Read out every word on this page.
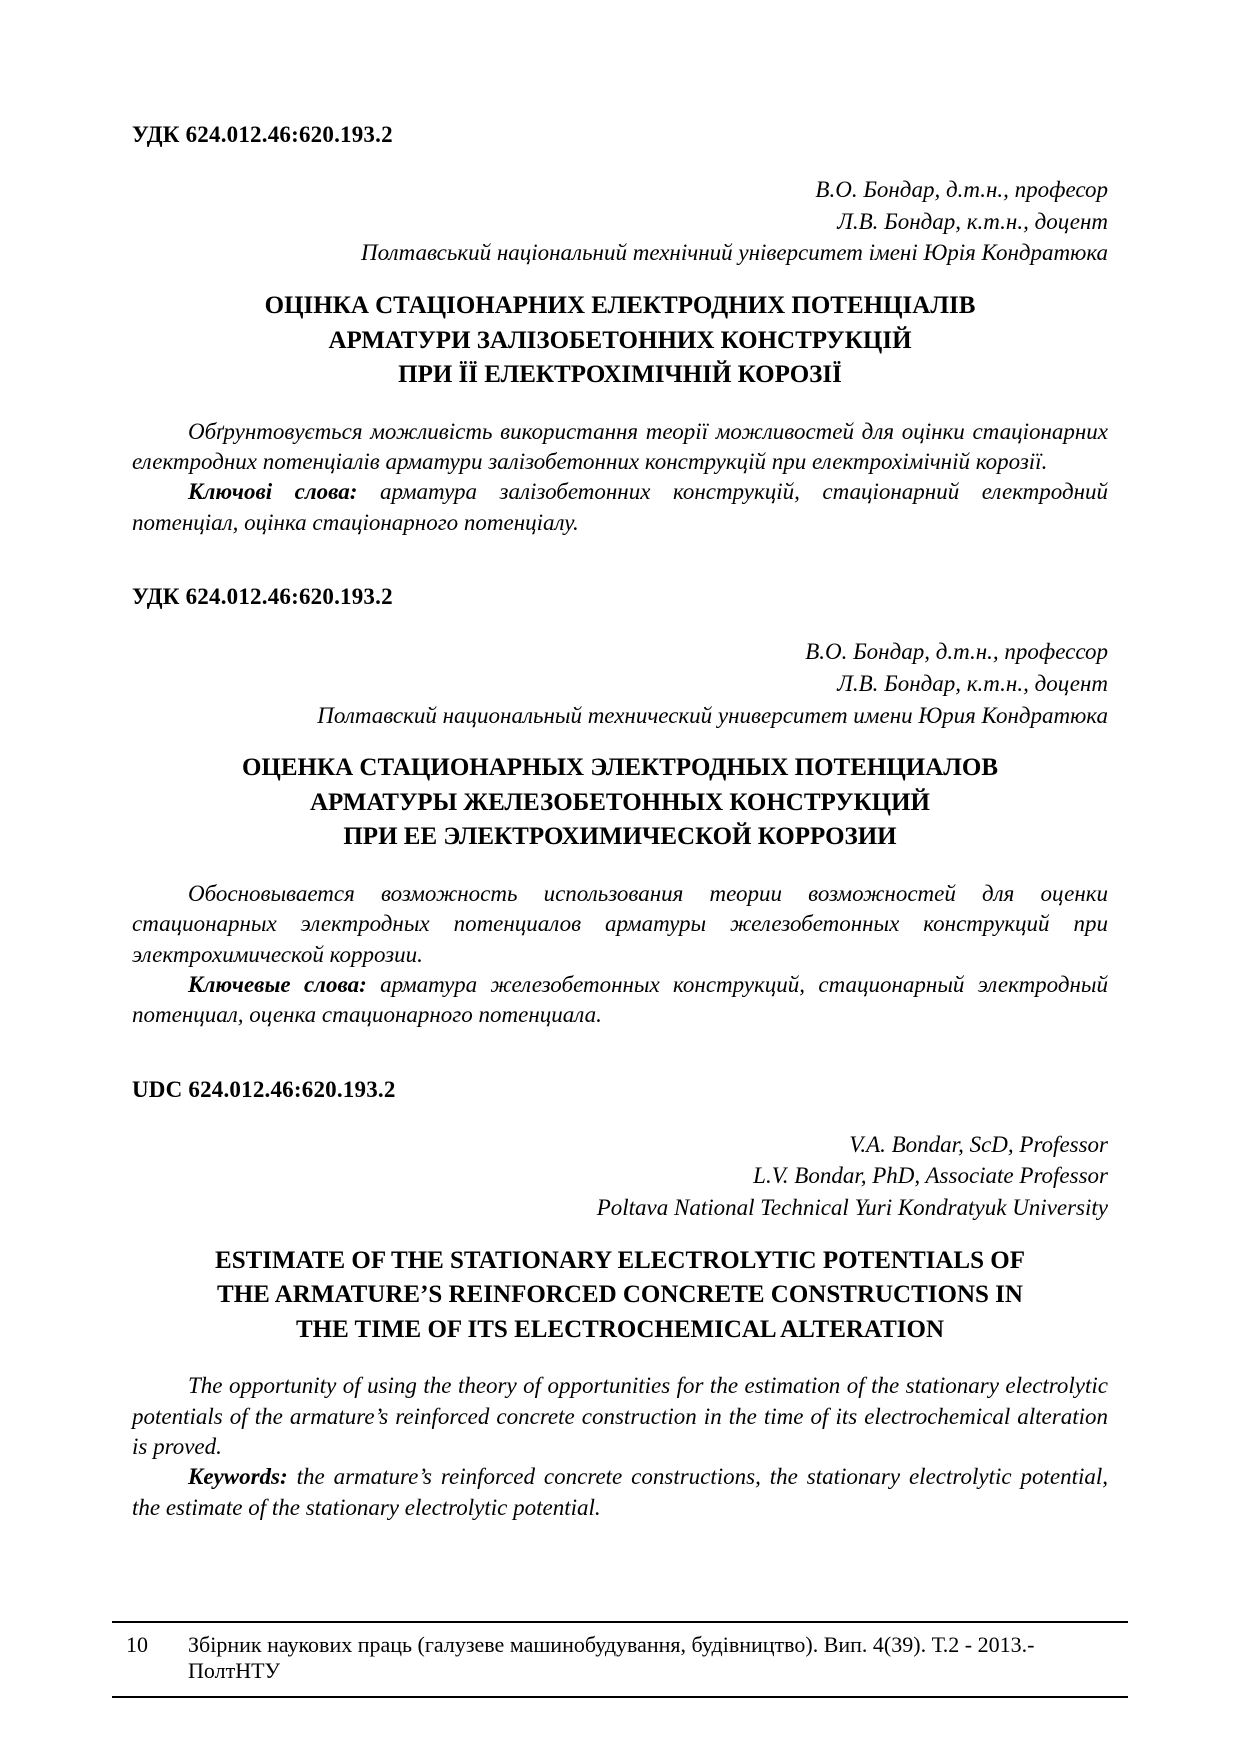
УДК 624.012.46:620.193.2

В.О. Бондар, д.т.н., професор
Л.В. Бондар, к.т.н., доцент
Полтавський національний технічний університет імені Юрія Кондратюка
ОЦІНКА СТАЦІОНАРНИХ ЕЛЕКТРОДНИХ ПОТЕНЦІАЛІВ
АРМАТУРИ ЗАЛІЗОБЕТОННИХ КОНСТРУКЦІЙ
ПРИ ЇЇ ЕЛЕКТРОХІМІЧНІЙ КОРОЗІЇ

Обґрунтовується можливість використання теорії можливостей для оцінки стаціонарних електродних потенціалів арматури залізобетонних конструкцій при електрохімічній корозії.

Ключові слова: арматура залізобетонних конструкцій, стаціонарний електродний потенціал, оцінка стаціонарного потенціалу.

УДК 624.012.46:620.193.2

В.О. Бондар, д.т.н., профессор
Л.В. Бондар, к.т.н., доцент
Полтавский национальный технический университет имени Юрия Кондратюка
ОЦЕНКА СТАЦИОНАРНЫХ ЭЛЕКТРОДНЫХ ПОТЕНЦИАЛОВ
АРМАТУРЫ ЖЕЛЕЗОБЕТОННЫХ КОНСТРУКЦИЙ
ПРИ ЕЕ ЭЛЕКТРОХИМИЧЕСКОЙ КОРРОЗИИ

Обосновывается возможность использования теории возможностей для оценки стационарных электродных потенциалов арматуры железобетонных конструкций при электрохимической коррозии.

Ключевые слова: арматура железобетонных конструкций, стационарный электродный потенциал, оценка стационарного потенциала.

UDC 624.012.46:620.193.2

V.A. Bondar, ScD, Professor
L.V. Bondar, PhD, Associate Professor
Poltava National Technical Yuri Kondratyuk University
ESTIMATE OF THE STATIONARY ELECTROLYTIC POTENTIALS OF
THE ARMATURE’S REINFORCED CONCRETE CONSTRUCTIONS IN
THE TIME OF ITS ELECTROCHEMICAL ALTERATION

The opportunity of using the theory of opportunities for the estimation of the stationary electrolytic potentials of the armature’s reinforced concrete construction in the time of its electrochemical alteration is proved.

Keywords: the armature’s reinforced concrete constructions, the stationary electrolytic potential, the estimate of the stationary electrolytic potential.

10 Збірник наукових праць (галузеве машинобудування, будівництво). Вип. 4(39). Т.2 - 2013.- ПолтНТУ
